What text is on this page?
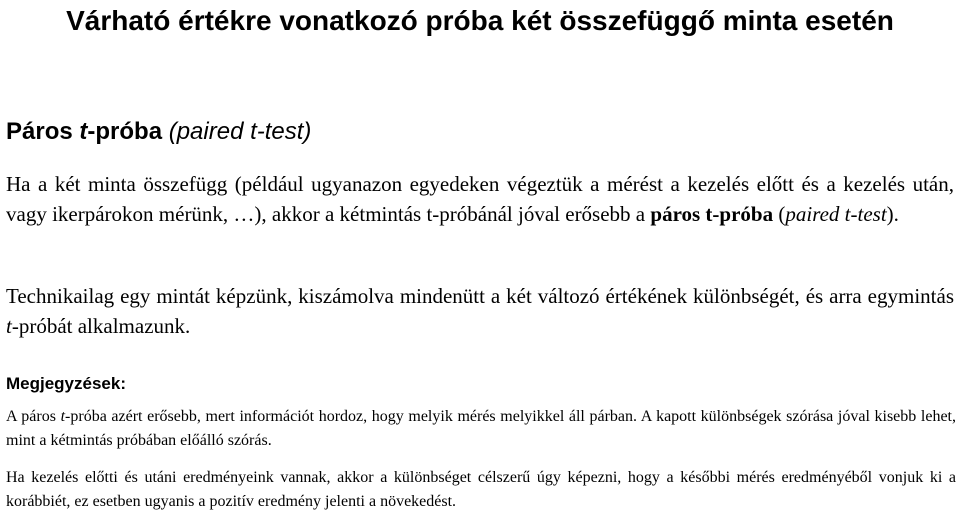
Várható értékre vonatkozó próba két összefüggő minta esetén
Páros t-próba (paired t-test)

Ha a két minta összefügg (például ugyanazon egyedeken végeztük a mérést a kezelés előtt és a kezelés után, vagy ikerpárokon mérünk, …), akkor a kétmintás t-próbánál jóval erősebb a páros t-próba (paired t-test).

Technikailag egy mintát képzünk, kiszámolva mindenütt a két változó értékének különbségét, és arra egymintás t-próbát alkalmazunk.

Megjegyzések:

A páros t-próba azért erősebb, mert információt hordoz, hogy melyik mérés melyikkel áll párban. A kapott különbségek szórása jóval kisebb lehet, mint a kétmintás próbában előálló szórás.

Ha kezelés előtti és utáni eredményeink vannak, akkor a különbséget célszerű úgy képezni, hogy a későbbi mérés eredményéből vonjuk ki a korábbiét, ez esetben ugyanis a pozitív eredmény jelenti a növekedést.
